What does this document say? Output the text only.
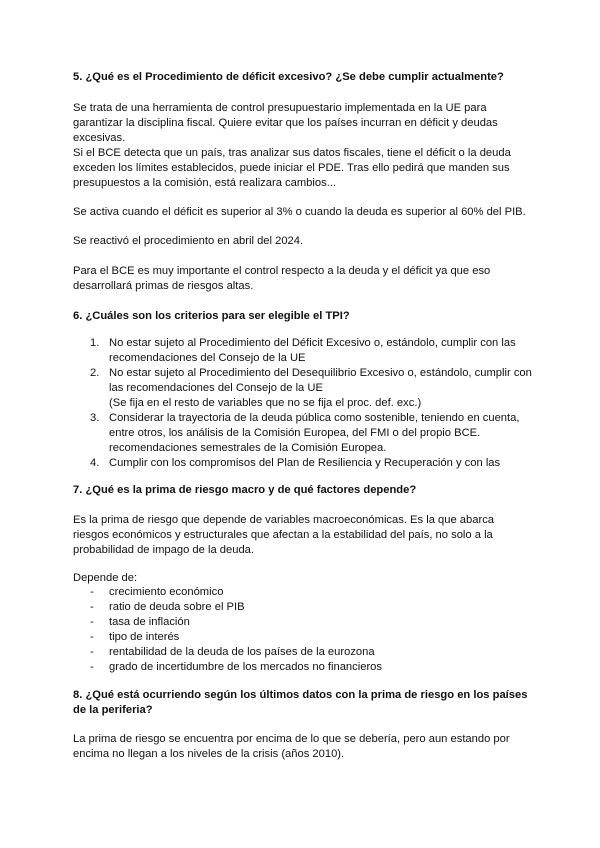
5. ¿Qué es el Procedimiento de déficit excesivo? ¿Se debe cumplir actualmente?

Se trata de una herramienta de control presupuestario implementada en la UE para garantizar la disciplina fiscal. Quiere evitar que los países incurran en déficit y deudas excesivas.

Si el BCE detecta que un país, tras analizar sus datos fiscales, tiene el déficit o la deuda exceden los límites establecidos, puede iniciar el PDE. Tras ello pedirá que manden sus presupuestos a la comisión, está realizara cambios...

Se activa cuando el déficit es superior al 3% o cuando la deuda es superior al 60% del PIB.

Se reactivó el procedimiento en abril del 2024.

Para el BCE es muy importante el control respecto a la deuda y el déficit ya que eso desarrollará primas de riesgos altas.

6. ¿Cuáles son los criterios para ser elegible el TPI?
1. No estar sujeto al Procedimiento del Déficit Excesivo o, estándolo, cumplir con las recomendaciones del Consejo de la UE
2. No estar sujeto al Procedimiento del Desequilibrio Excesivo o, estándolo, cumplir con las recomendaciones del Consejo de la UE
(Se fija en el resto de variables que no se fija el proc. def. exc.)
3. Considerar la trayectoria de la deuda pública como sostenible, teniendo en cuenta, entre otros, los análisis de la Comisión Europea, del FMI o del propio BCE. recomendaciones semestrales de la Comisión Europea.
4. Cumplir con los compromisos del Plan de Resiliencia y Recuperación y con las
7. ¿Qué es la prima de riesgo macro y de qué factores depende?

Es la prima de riesgo que depende de variables macroeconómicas. Es la que abarca riesgos económicos y estructurales que afectan a la estabilidad del país, no solo a la probabilidad de impago de la deuda.

Depende de:

- crecimiento económico
- ratio de deuda sobre el PIB
- tasa de inflación
- tipo de interés
- rentabilidad de la deuda de los países de la eurozona
- grado de incertidumbre de los mercados no financieros
8. ¿Qué está ocurriendo según los últimos datos con la prima de riesgo en los países de la periferia?

La prima de riesgo se encuentra por encima de lo que se debería, pero aun estando por encima no llegan a los niveles de la crisis (años 2010).
